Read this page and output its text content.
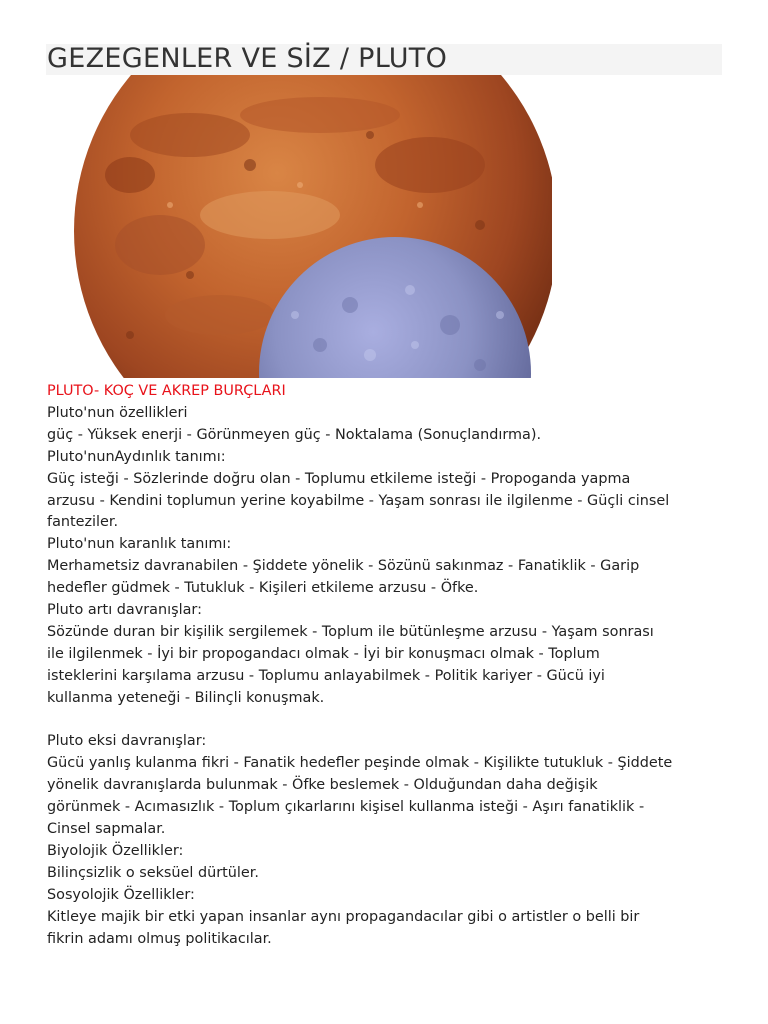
GEZEGENLER VE SİZ / PLUTO

PLUTO- KOÇ VE AKREP BURÇLARI

Pluto'nun özellikleri

güç - Yüksek enerji - Görünmeyen güç - Noktalama (Sonuçlandırma).

Pluto'nunAydınlık tanımı:

Güç isteği - Sözlerinde doğru olan - Toplumu etkileme isteği - Propoganda yapma

arzusu - Kendini toplumun yerine koyabilme - Yaşam sonrası ile ilgilenme - Güçli cinsel

fanteziler.

Pluto'nun karanlık tanımı:

Merhametsiz davranabilen - Şiddete yönelik - Sözünü sakınmaz - Fanatiklik - Garip

hedefler güdmek - Tutukluk - Kişileri etkileme arzusu - Öfke.

Pluto artı davranışlar:

Sözünde duran bir kişilik sergilemek - Toplum ile bütünleşme arzusu - Yaşam sonrası

ile ilgilenmek - İyi bir propogandacı olmak - İyi bir konuşmacı olmak - Toplum

isteklerini karşılama arzusu - Toplumu anlayabilmek - Politik kariyer - Gücü iyi

kullanma yeteneği - Bilinçli konuşmak.

Pluto eksi davranışlar:

Gücü yanlış kulanma fikri - Fanatik hedefler peşinde olmak - Kişilikte tutukluk - Şiddete

yönelik davranışlarda bulunmak - Öfke beslemek - Olduğundan daha değişik

görünmek - Acımasızlık - Toplum çıkarlarını kişisel kullanma isteği - Aşırı fanatiklik -

Cinsel sapmalar.

Biyolojik Özellikler:

Bilinçsizlik o seksüel dürtüler.

Sosyolojik Özellikler:

Kitleye majik bir etki yapan insanlar aynı propagandacılar gibi o artistler o belli bir

fikrin adamı olmuş politikacılar.
